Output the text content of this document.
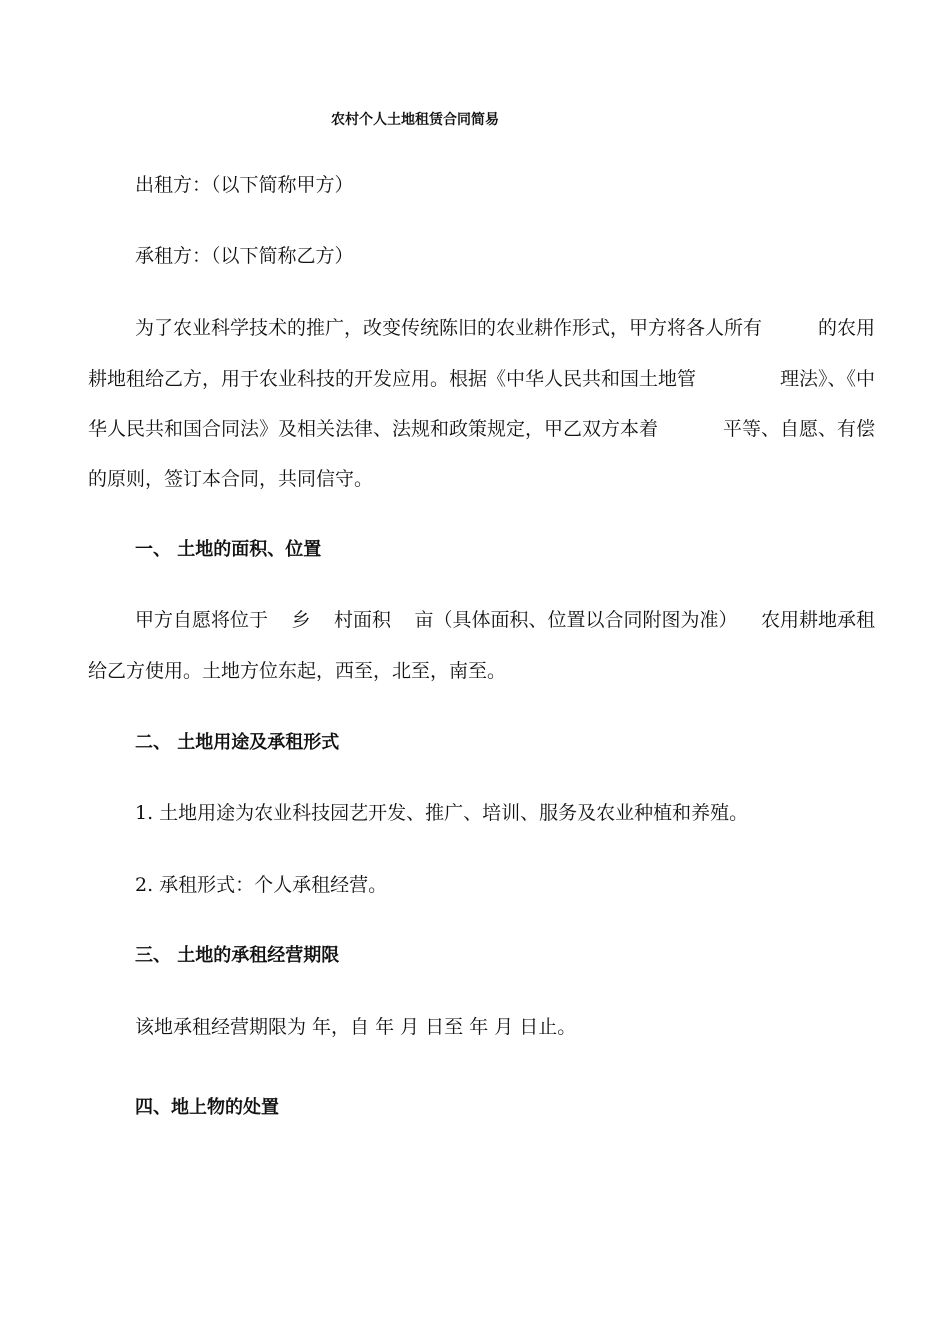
农村个人土地租赁合同简易

出租方：（以下简称甲方）

承租方：（以下简称乙方）

为了农业科学技术的推广，改变传统陈旧的农业耕作形式，甲方将各人所有	的农用
耕地租给乙方，用于农业科技的开发应用。根据《中华人民共和国土地管	理法》、《中
华人民共和国合同法》及相关法律、法规和政策规定，甲乙双方本着	平等、自愿、有偿

的原则，签订本合同，共同信守。

一、 土地的面积、位置
甲方自愿将位于 乡 村面积 亩（具体面积、位置以合同附图为准） 农用耕地承租

给乙方使用。土地方位东起，西至，北至，南至。

二、 土地用途及承租形式

1. 土地用途为农业科技园艺开发、推广、培训、服务及农业种植和养殖。

2. 承租形式：个人承租经营。

三、 土地的承租经营期限

该地承租经营期限为 年，自 年 月 日至 年 月 日止。

四、地上物的处置
